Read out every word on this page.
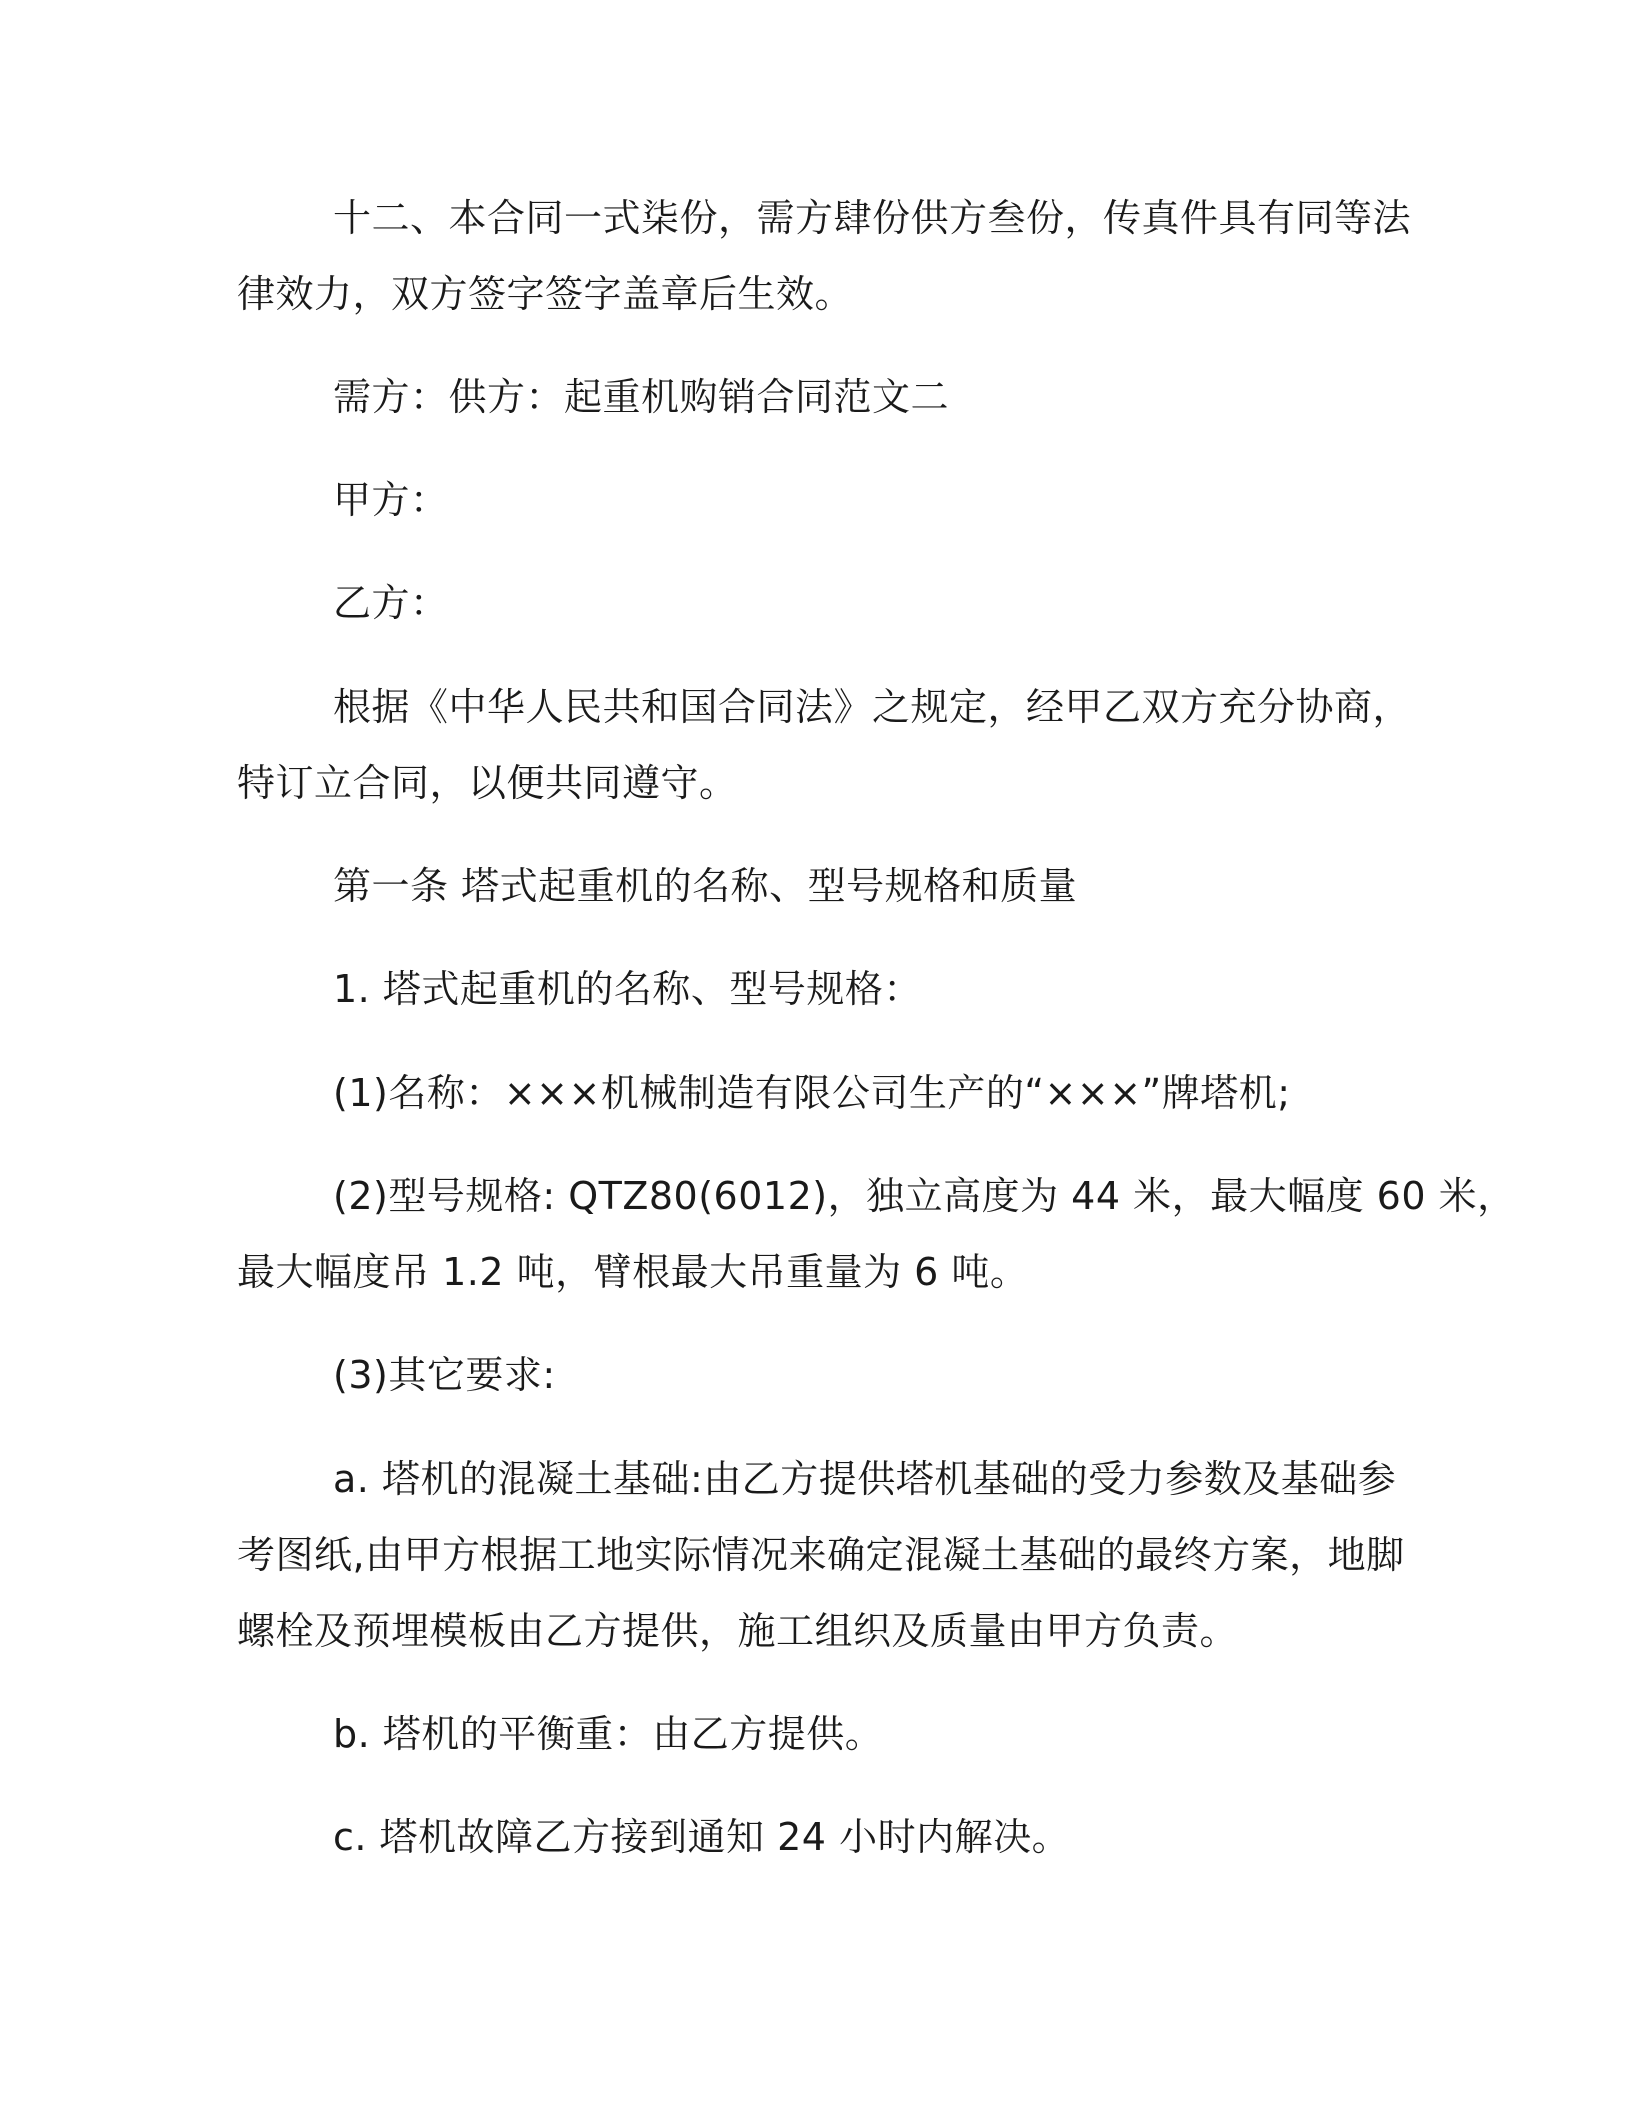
十二、本合同一式柒份，需方肆份供方叁份，传真件具有同等法

律效力，双方签字签字盖章后生效。

需方：供方：起重机购销合同范文二

甲方：

乙方：

根据《中华人民共和国合同法》之规定，经甲乙双方充分协商，

特订立合同，以便共同遵守。

第一条 塔式起重机的名称、型号规格和质量

1. 塔式起重机的名称、型号规格：

(1)名称：×××机械制造有限公司生产的“×××”牌塔机;

(2)型号规格: QTZ80(6012)，独立高度为 44 米，最大幅度 60 米，

最大幅度吊 1.2 吨，臂根最大吊重量为 6 吨。

(3)其它要求:

a. 塔机的混凝土基础:由乙方提供塔机基础的受力参数及基础参

考图纸,由甲方根据工地实际情况来确定混凝土基础的最终方案，地脚

螺栓及预埋模板由乙方提供，施工组织及质量由甲方负责。

b. 塔机的平衡重：由乙方提供。

c. 塔机故障乙方接到通知 24 小时内解决。
